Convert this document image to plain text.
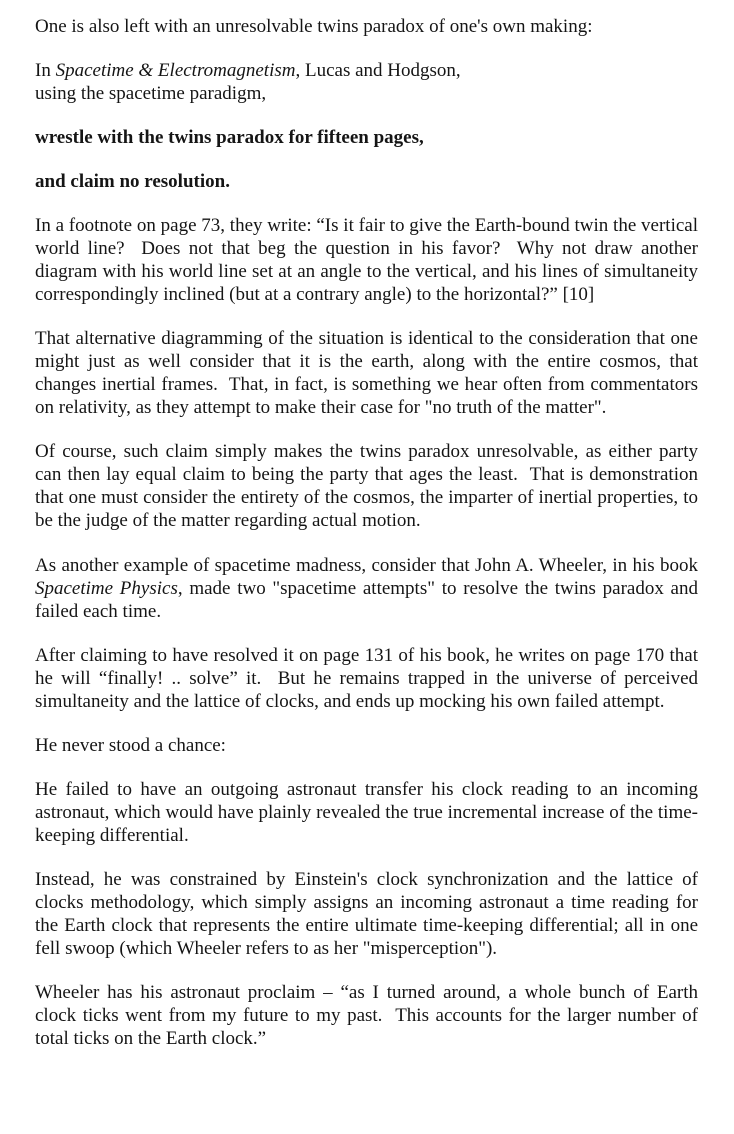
One is also left with an unresolvable twins paradox of one's own making:

In Spacetime & Electromagnetism, Lucas and Hodgson,
using the spacetime paradigm,

wrestle with the twins paradox for fifteen pages,

and claim no resolution.

In a footnote on page 73, they write: “Is it fair to give the Earth-bound twin the vertical world line?  Does not that beg the question in his favor?  Why not draw another diagram with his world line set at an angle to the vertical, and his lines of simultaneity correspondingly inclined (but at a contrary angle) to the horizontal?” [10]

That alternative diagramming of the situation is identical to the consideration that one might just as well consider that it is the earth, along with the entire cosmos, that changes inertial frames.  That, in fact, is something we hear often from commentators on relativity, as they attempt to make their case for "no truth of the matter".

Of course, such claim simply makes the twins paradox unresolvable, as either party can then lay equal claim to being the party that ages the least.  That is demonstration that one must consider the entirety of the cosmos, the imparter of inertial properties, to be the judge of the matter regarding actual motion.

As another example of spacetime madness, consider that John A. Wheeler, in his book Spacetime Physics, made two "spacetime attempts" to resolve the twins paradox and failed each time.

After claiming to have resolved it on page 131 of his book, he writes on page 170 that he will “finally! .. solve” it.  But he remains trapped in the universe of perceived simultaneity and the lattice of clocks, and ends up mocking his own failed attempt.

He never stood a chance:

He failed to have an outgoing astronaut transfer his clock reading to an incoming astronaut, which would have plainly revealed the true incremental increase of the time-keeping differential.

Instead, he was constrained by Einstein's clock synchronization and the lattice of clocks methodology, which simply assigns an incoming astronaut a time reading for the Earth clock that represents the entire ultimate time-keeping differential; all in one fell swoop (which Wheeler refers to as her "misperception").

Wheeler has his astronaut proclaim – “as I turned around, a whole bunch of Earth clock ticks went from my future to my past.  This accounts for the larger number of total ticks on the Earth clock.”
